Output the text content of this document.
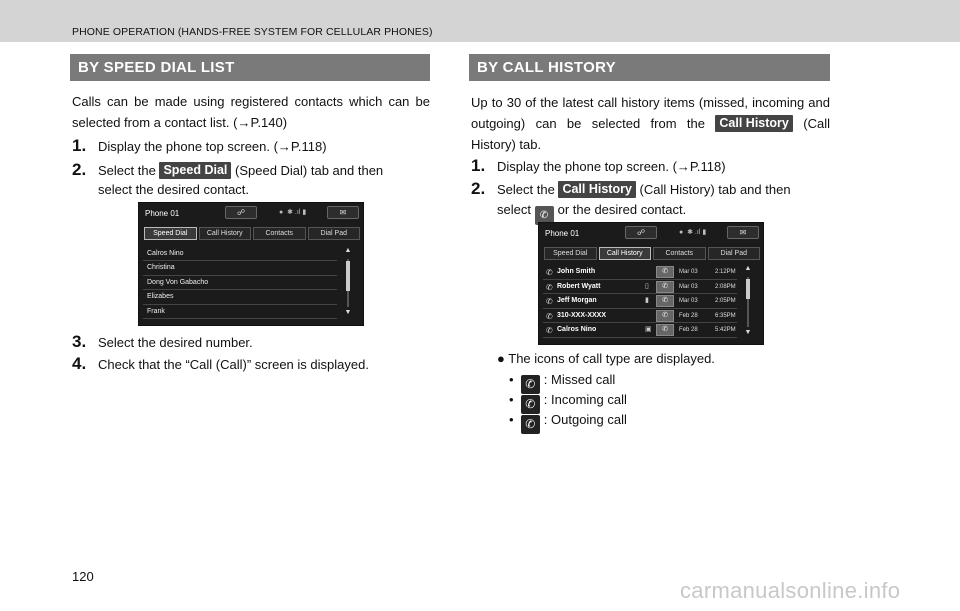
PHONE OPERATION (HANDS-FREE SYSTEM FOR CELLULAR PHONES)
BY SPEED DIAL LIST
Calls can be made using registered contacts which can be selected from a contact list. (→P.140)
1. Display the phone top screen. (→P.118)
2. Select the Speed Dial (Speed Dial) tab and then
select the desired contact.
Phone 01	☍	●  ✱ .ıl ▮	✉
Speed Dial	Call History	Contacts	Dial Pad
Calros Nino
Christina
Dong Von Gabacho
Elizabes
Frank
▲
▼
3. Select the desired number.
4. Check that the “Call (Call)” screen is displayed.
BY CALL HISTORY
Up to 30 of the latest call history items (missed, incoming and outgoing) can be selected from the Call History (Call History) tab.
1. Display the phone top screen. (→P.118)
2. Select the Call History (Call History) tab and then
select ✆ or the desired contact.
Phone 01	☍	●  ✱ .ıl ▮	✉
Speed Dial	Call History	Contacts	Dial Pad
✆ John Smith	✆	Mar 03	2:12PM
✆ Robert Wyatt	▯	✆	Mar 03	2:08PM
✆ Jeff Morgan	▮	✆	Mar 03	2:05PM
✆ 310-XXX-XXXX	✆	Feb 28	6:35PM
✆ Calros Nino	▣	✆	Feb 28	5:42PM
▲
▼
● The icons of call type are displayed.
•  ✆ : Missed call
•  ✆ : Incoming call
•  ✆ : Outgoing call
120
carmanualsonline.info
